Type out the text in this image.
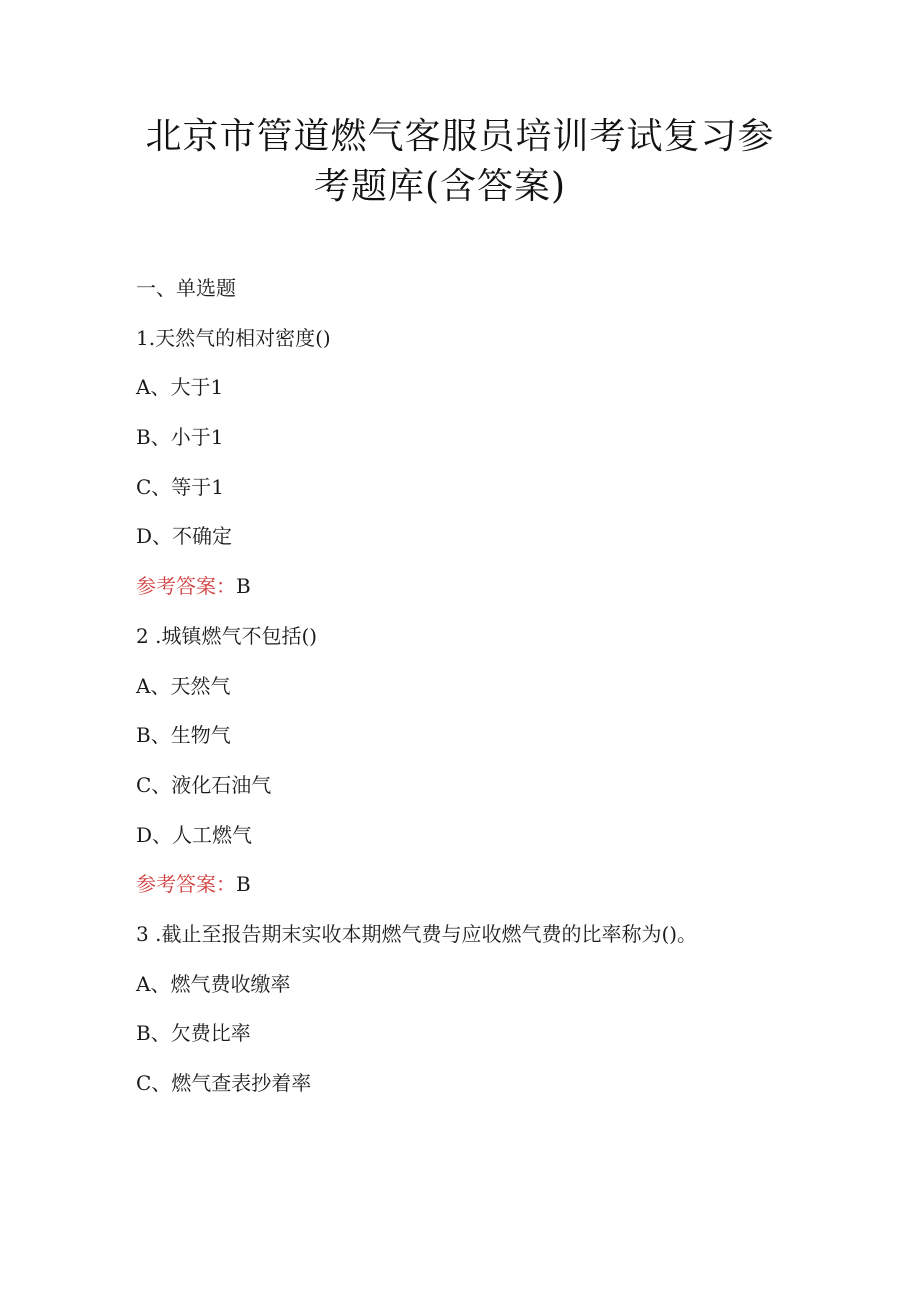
北京市管道燃气客服员培训考试复习参
考题库(含答案)

一、单选题

1.天然气的相对密度()

A、大于1

B、小于1

C、等于1

D、不确定

参考答案：B

2 .城镇燃气不包括()

A、天然气

B、生物气

C、液化石油气

D、人工燃气

参考答案：B

3 .截止至报告期末实收本期燃气费与应收燃气费的比率称为()。

A、燃气费收缴率

B、欠费比率

C、燃气查表抄着率
